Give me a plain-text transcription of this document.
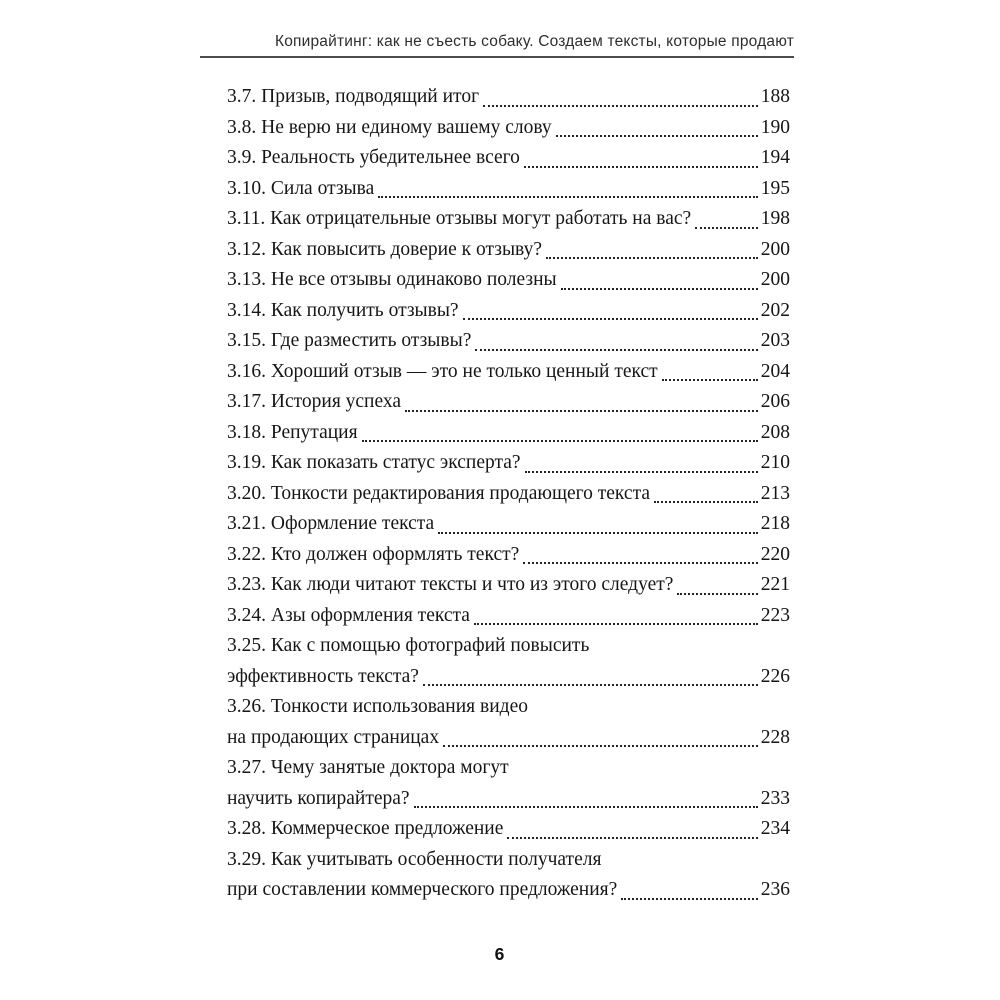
Копирайтинг: как не съесть собаку. Создаем тексты, которые продают
3.7. Призыв, подводящий итог	188
3.8. Не верю ни единому вашему слову	190
3.9. Реальность убедительнее всего	194
3.10. Сила отзыва	195
3.11. Как отрицательные отзывы могут работать на вас?	198
3.12. Как повысить доверие к отзыву?	200
3.13. Не все отзывы одинаково полезны	200
3.14. Как получить отзывы?	202
3.15. Где разместить отзывы?	203
3.16. Хороший отзыв — это не только ценный текст	204
3.17. История успеха	206
3.18. Репутация	208
3.19. Как показать статус эксперта?	210
3.20. Тонкости редактирования продающего текста	213
3.21. Оформление текста	218
3.22. Кто должен оформлять текст?	220
3.23. Как люди читают тексты и что из этого следует?	221
3.24. Азы оформления текста	223
3.25. Как с помощью фотографий повысить
эффективность текста?	226
3.26. Тонкости использования видео
на продающих страницах	228
3.27. Чему занятые доктора могут
научить копирайтера?	233
3.28. Коммерческое предложение	234
3.29. Как учитывать особенности получателя
при составлении коммерческого предложения?	236
6
